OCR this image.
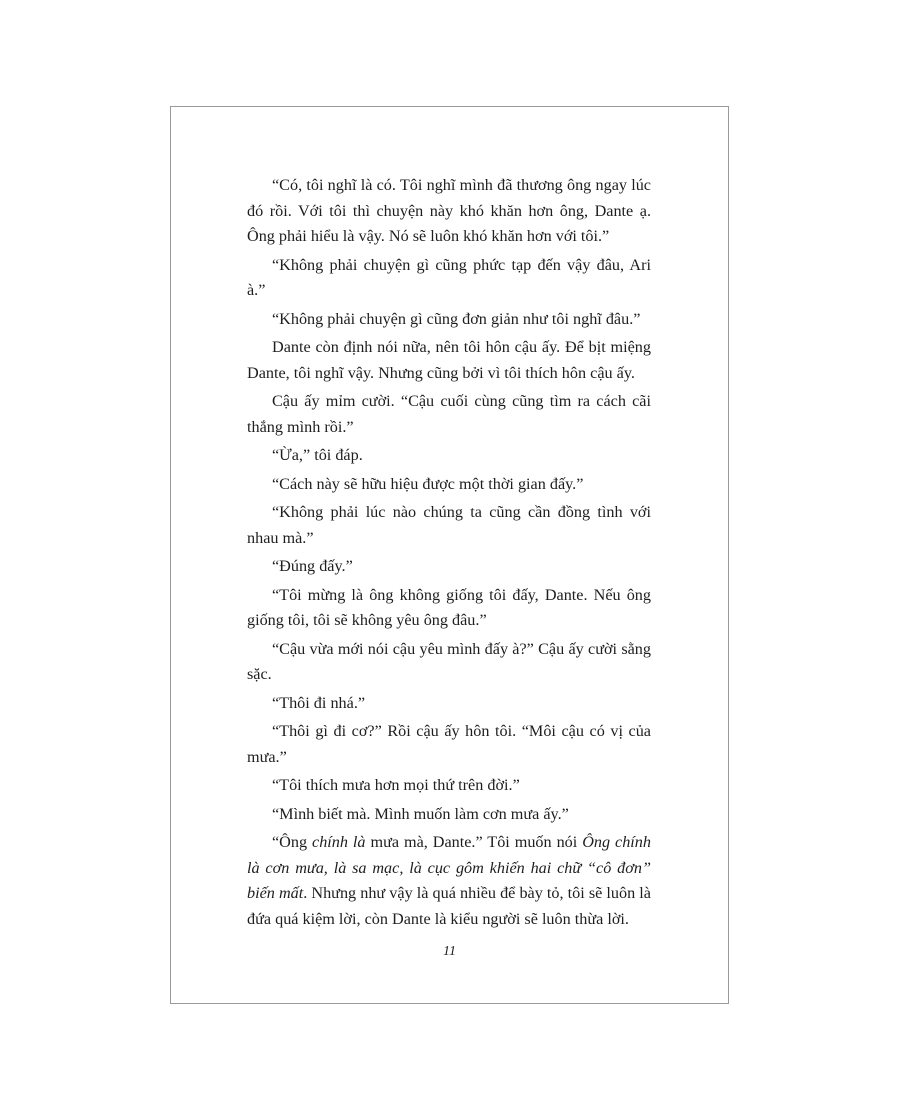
“Có, tôi nghĩ là có. Tôi nghĩ mình đã thương ông ngay lúc đó rồi. Với tôi thì chuyện này khó khăn hơn ông, Dante ạ. Ông phải hiểu là vậy. Nó sẽ luôn khó khăn hơn với tôi.”

“Không phải chuyện gì cũng phức tạp đến vậy đâu, Ari à.”

“Không phải chuyện gì cũng đơn giản như tôi nghĩ đâu.”

Dante còn định nói nữa, nên tôi hôn cậu ấy. Để bịt miệng Dante, tôi nghĩ vậy. Nhưng cũng bởi vì tôi thích hôn cậu ấy.

Cậu ấy mỉm cười. “Cậu cuối cùng cũng tìm ra cách cãi thắng mình rồi.”

“Ừa,” tôi đáp.

“Cách này sẽ hữu hiệu được một thời gian đấy.”

“Không phải lúc nào chúng ta cũng cần đồng tình với nhau mà.”

“Đúng đấy.”

“Tôi mừng là ông không giống tôi đấy, Dante. Nếu ông giống tôi, tôi sẽ không yêu ông đâu.”

“Cậu vừa mới nói cậu yêu mình đấy à?” Cậu ấy cười sằng sặc.

“Thôi đi nhá.”

“Thôi gì đi cơ?” Rồi cậu ấy hôn tôi. “Môi cậu có vị của mưa.”

“Tôi thích mưa hơn mọi thứ trên đời.”

“Mình biết mà. Mình muốn làm cơn mưa ấy.”

“Ông chính là mưa mà, Dante.” Tôi muốn nói Ông chính là cơn mưa, là sa mạc, là cục gôm khiến hai chữ “cô đơn” biến mất. Nhưng như vậy là quá nhiều để bày tỏ, tôi sẽ luôn là đứa quá kiệm lời, còn Dante là kiểu người sẽ luôn thừa lời.

11
